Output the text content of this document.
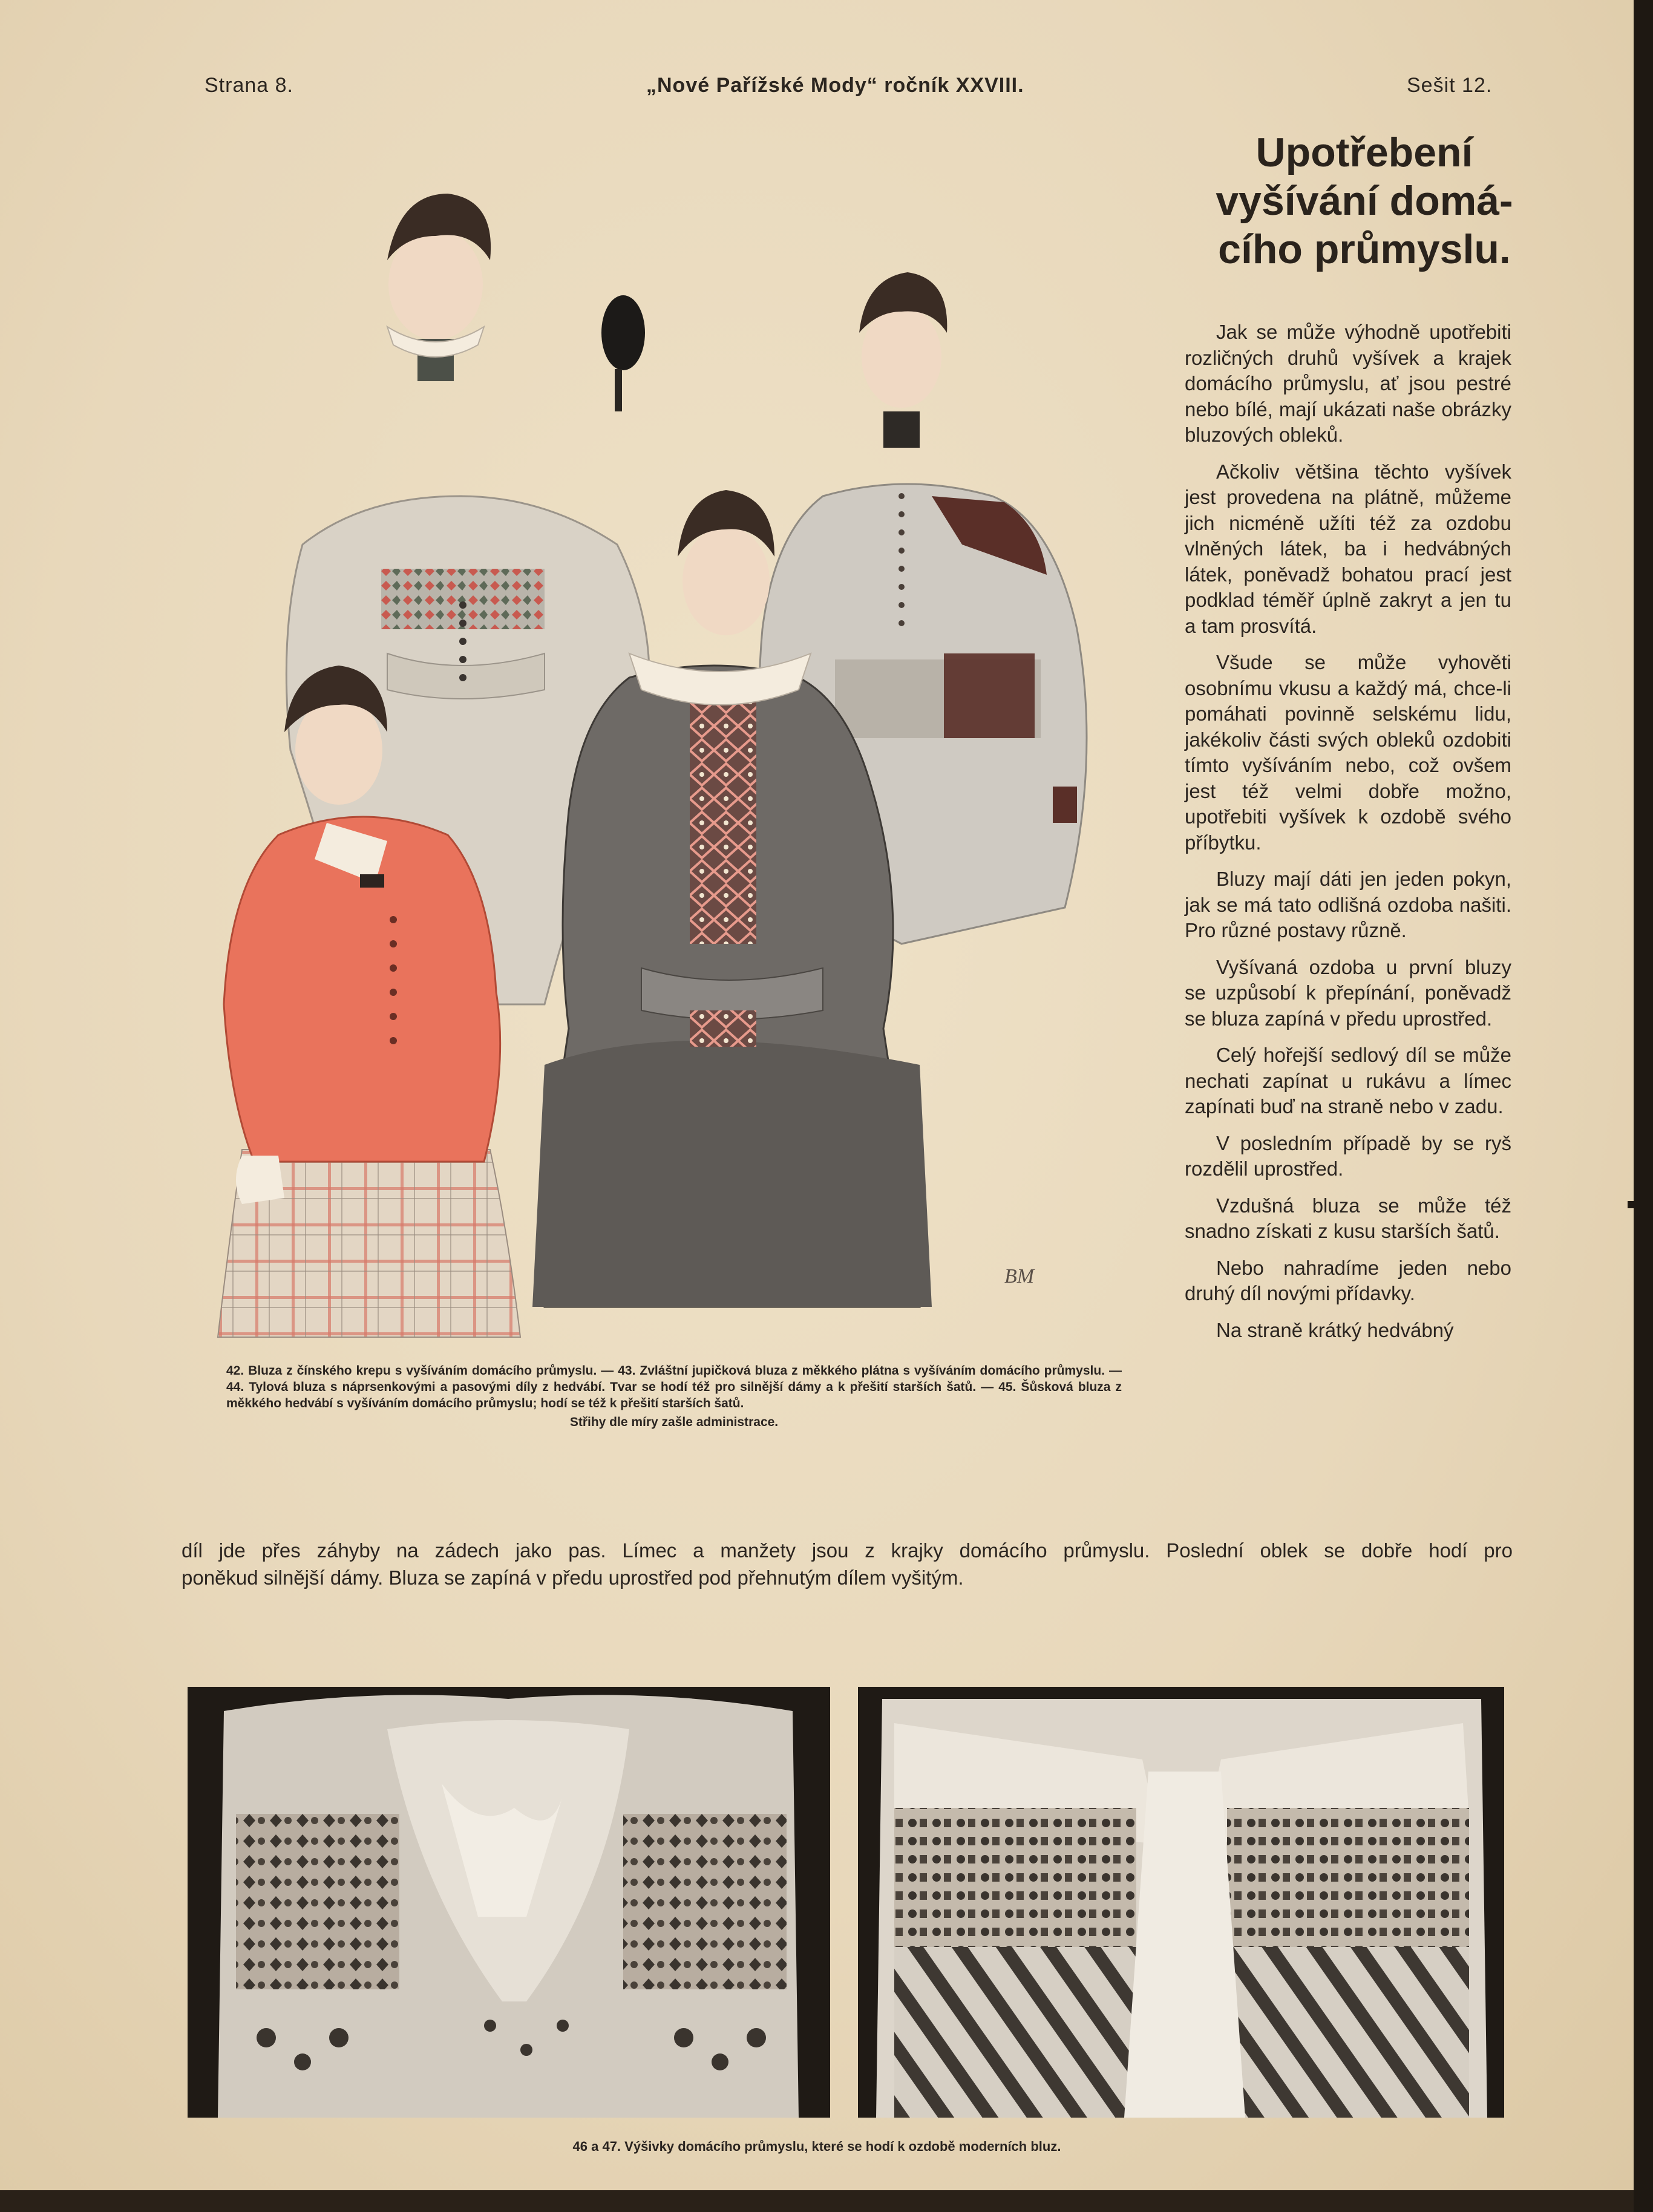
Strana 8.	„Nové Pařížské Mody“ ročník XXVIII.	Sešit 12.
Upotřebení
vyšívání domá-
cího průmyslu.

Jak se může výhodně upotřebiti rozličných druhů vyšívek a krajek domácího průmyslu, ať jsou pestré nebo bílé, mají ukázati naše obrázky bluzových obleků.

Ačkoliv většina těchto vyšívek jest provedena na plátně, můžeme jich nicméně užíti též za ozdobu vlněných látek, ba i hedvábných látek, poněvadž bohatou prací jest podklad téměř úplně zakryt a jen tu a tam prosvítá.

Všude se může vyhověti osobnímu vkusu a každý má, chce-li pomáhati povinně selskému lidu, jakékoliv části svých obleků ozdobiti tímto vyšíváním nebo, což ovšem jest též velmi dobře možno, upotřebiti vyšívek k ozdobě svého příbytku.

Bluzy mají dáti jen jeden pokyn, jak se má tato odlišná ozdoba našiti. Pro různé postavy různě.

Vyšívaná ozdoba u první bluzy se uzpůsobí k přepínání, poněvadž se bluza zapíná v předu uprostřed.

Celý hořejší sedlový díl se může nechati zapínat u rukávu a límec zapínati buď na straně nebo v zadu.

V posledním případě by se ryš rozdělil uprostřed.

Vzdušná bluza se může též snadno získati z kusu starších šatů.

Nebo nahradíme jeden nebo druhý díl novými přídavky.

Na straně krátký hedvábný

díl jde přes záhyby na zádech jako pas. Límec a manžety jsou z krajky domácího průmyslu. Poslední oblek se dobře hodí pro
poněkud silnější dámy. Bluza se zapíná v předu uprostřed pod přehnutým dílem vyšitým.
BM
42. Bluza z čínského krepu s vyšíváním domácího průmyslu. — 43. Zvláštní jupičková bluza z měkkého plátna s vyšíváním domácího průmyslu. — 44. Tylová bluza s náprsenkovými a pasovými díly z hedvábí. Tvar se hodí též pro silnější dámy a k přešití starších šatů. — 45. Šůsková bluza z měkkého hedvábí s vyšíváním domácího průmyslu; hodí se též k přešití starších šatů.
Střihy dle míry zašle administrace.
46 a 47. Výšivky domácího průmyslu, které se hodí k ozdobě moderních bluz.
